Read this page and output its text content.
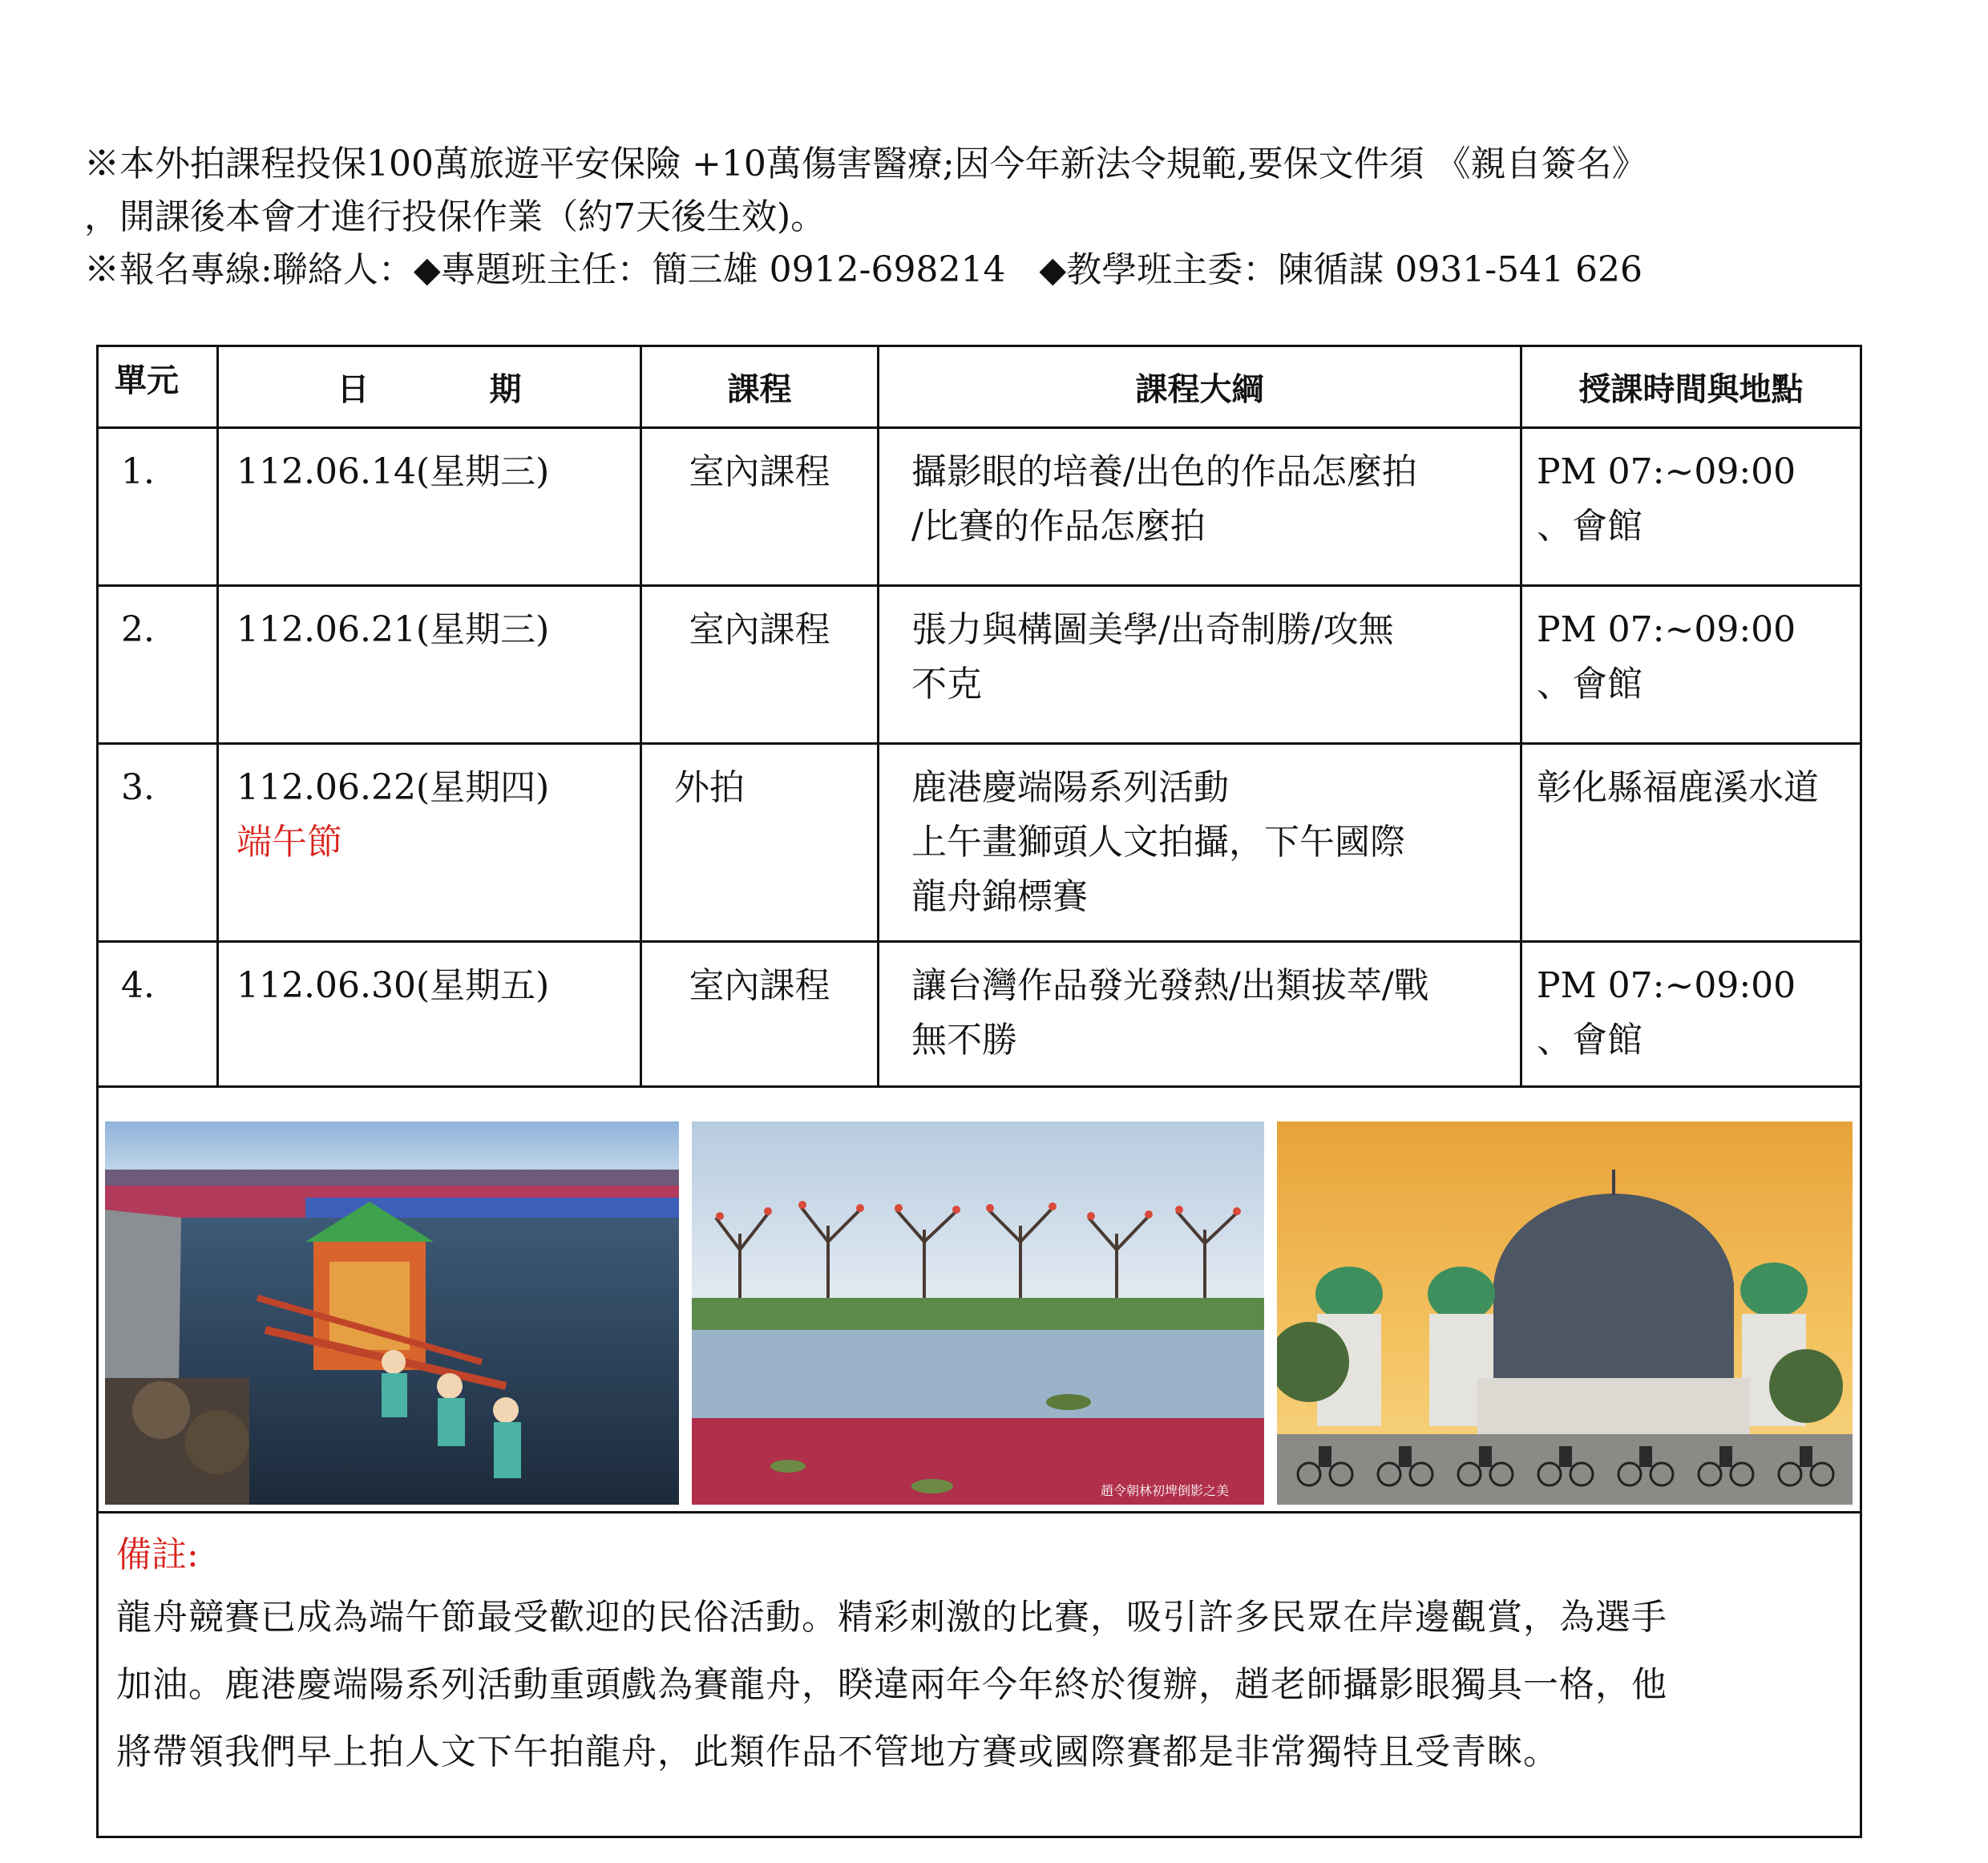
※本外拍課程投保100萬旅遊平安保險 +10萬傷害醫療;因今年新法令規範,要保文件須 《親自簽名》

，開課後本會才進行投保作業（約7天後生效)。

※報名專線:聯絡人：◆專題班主任：簡三雄 0912-698214   ◆教學班主委：陳循謀 0931-541 626

單元	日 期	課程	課程大綱	授課時間與地點
1.	112.06.14(星期三)	室內課程	攝影眼的培養/出色的作品怎麼拍
/比賽的作品怎麼拍	PM 07:~09:00
、會館

2.	112.06.21(星期三)	室內課程	張力與構圖美學/出奇制勝/攻無
不克	PM 07:~09:00
、會館

3.	112.06.22(星期四)
端午節	外拍	鹿港慶端陽系列活動
上午畫獅頭人文拍攝，下午國際
龍舟錦標賽	彰化縣福鹿溪水道

4.	112.06.30(星期五)	室內課程	讓台灣作品發光發熱/出類拔萃/戰
無不勝	PM 07:~09:00
、會館

趙令朝林初埤倒影之美				

備註:
龍舟競賽已成為端午節最受歡迎的民俗活動。精彩刺激的比賽，吸引許多民眾在岸邊觀賞，為選手
加油。鹿港慶端陽系列活動重頭戲為賽龍舟，睽違兩年今年終於復辦，趙老師攝影眼獨具一格，他
將帶領我們早上拍人文下午拍龍舟，此類作品不管地方賽或國際賽都是非常獨特且受青睞。				
